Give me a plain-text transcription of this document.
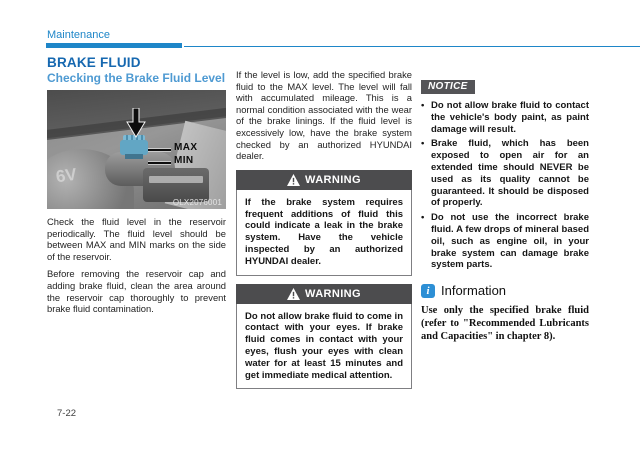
Maintenance
BRAKE FLUID
Checking the Brake Fluid Level
6V
MAX
MIN
OLX2076001

Check the fluid level in the reservoir periodically. The fluid level should be between MAX and MIN marks on the side of the reservoir.

Before removing the reservoir cap and adding brake fluid, clean the area around the reservoir cap thoroughly to prevent brake fluid contamination.

If the level is low, add the specified brake fluid to the MAX level. The level will fall with accumulated mileage. This is a normal condition associated with the wear of the brake linings. If the fluid level is excessively low, have the brake system checked by an authorized HYUNDAI dealer.

WARNING
If the brake system requires frequent additions of fluid this could indicate a leak in the brake system. Have the vehicle inspected by an authorized HYUNDAI dealer.
WARNING
Do not allow brake fluid to come in contact with your eyes. If brake fluid comes in contact with your eyes, flush your eyes with clean water for at least 15 minutes and get immediate medical attention.
NOTICE
• Do not allow brake fluid to contact the vehicle's body paint, as paint damage will result.
• Brake fluid, which has been exposed to open air for an extended time should NEVER be used as its quality cannot be guaranteed. It should be disposed of properly.
• Do not use the incorrect brake fluid. A few drops of mineral based oil, such as engine oil, in your brake system can damage brake system parts.
i Information
Use only the specified brake fluid (refer to "Recommended Lubricants and Capacities" in chapter 8).
7-22
